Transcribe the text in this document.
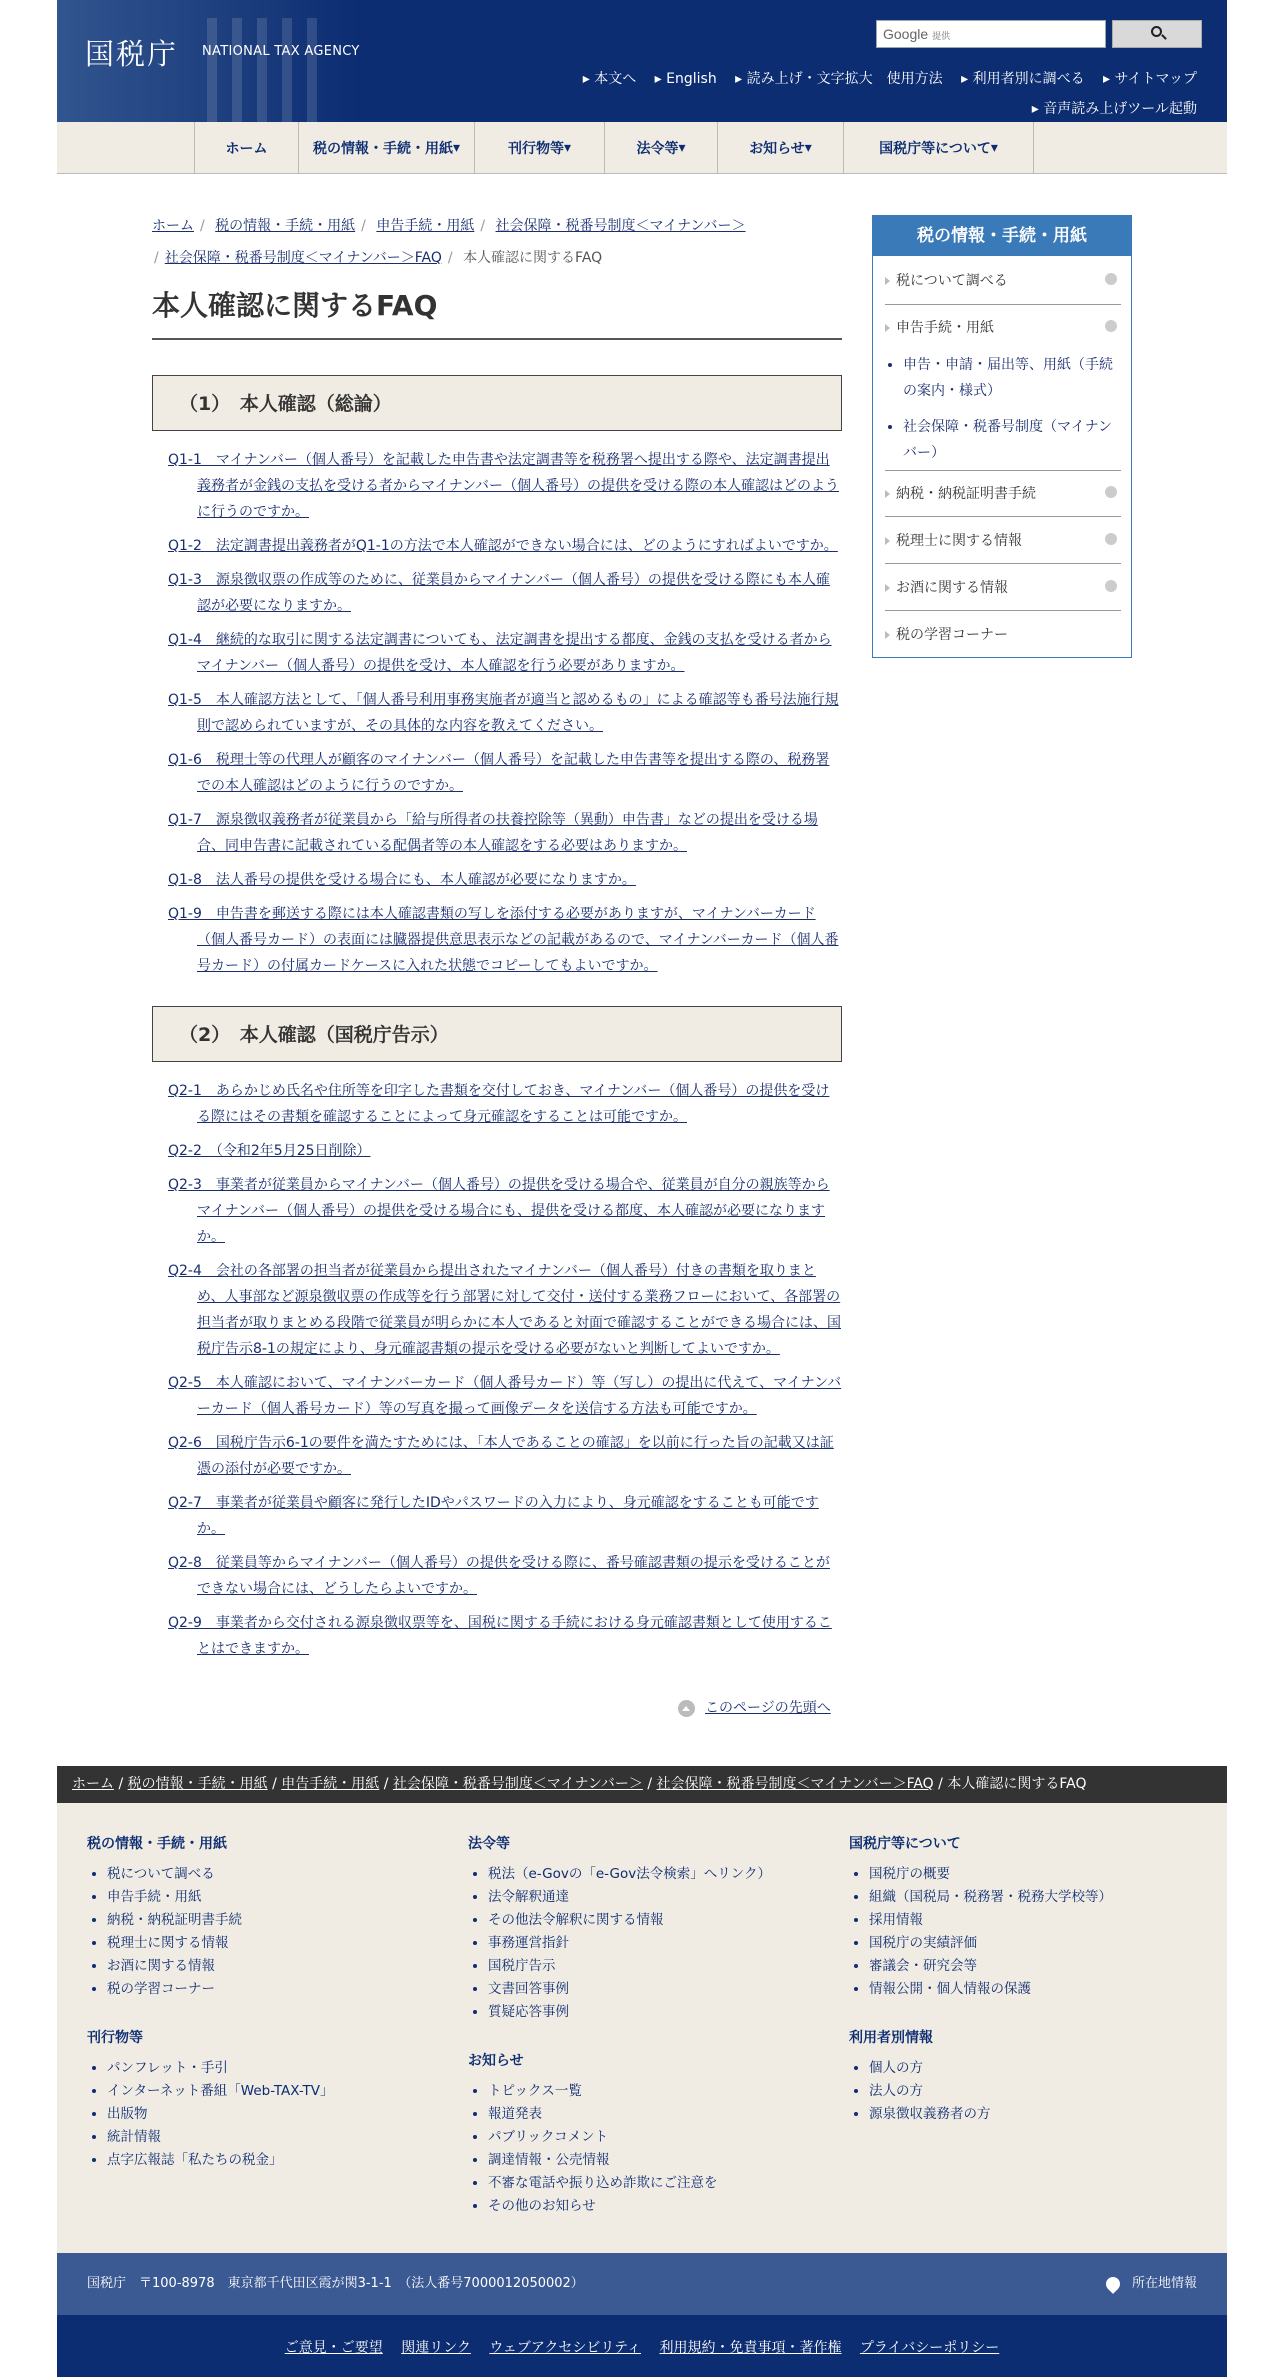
国税庁 NATIONAL TAX AGENCY
Google 提供
▸ 本文へ ▸ English ▸ 読み上げ・文字拡大　使用方法 ▸ 利用者別に調べる ▸ サイトマップ
▸ 音声読み上げツール起動
ホーム	税の情報・手続・用紙 ▾	刊行物等 ▾	法令等 ▾	お知らせ ▾	国税庁等について ▾
ホーム / 税の情報・手続・用紙 / 申告手続・用紙 / 社会保障・税番号制度＜マイナンバー＞
/ 社会保障・税番号制度＜マイナンバー＞FAQ / 本人確認に関するFAQ
本人確認に関するFAQ
（1）　本人確認（総論）
Q1-1　マイナンバー（個人番号）を記載した申告書や法定調書等を税務署へ提出する際や、法定調書提出義務者が金銭の支払を受ける者からマイナンバー（個人番号）の提供を受ける際の本人確認はどのように行うのですか。
Q1-2　法定調書提出義務者がQ1-1の方法で本人確認ができない場合には、どのようにすればよいですか。
Q1-3　源泉徴収票の作成等のために、従業員からマイナンバー（個人番号）の提供を受ける際にも本人確認が必要になりますか。
Q1-4　継続的な取引に関する法定調書についても、法定調書を提出する都度、金銭の支払を受ける者からマイナンバー（個人番号）の提供を受け、本人確認を行う必要がありますか。
Q1-5　本人確認方法として、「個人番号利用事務実施者が適当と認めるもの」による確認等も番号法施行規則で認められていますが、その具体的な内容を教えてください。
Q1-6　税理士等の代理人が顧客のマイナンバー（個人番号）を記載した申告書等を提出する際の、税務署での本人確認はどのように行うのですか。
Q1-7　源泉徴収義務者が従業員から「給与所得者の扶養控除等（異動）申告書」などの提出を受ける場合、同申告書に記載されている配偶者等の本人確認をする必要はありますか。
Q1-8　法人番号の提供を受ける場合にも、本人確認が必要になりますか。
Q1-9　申告書を郵送する際には本人確認書類の写しを添付する必要がありますが、マイナンバーカード（個人番号カード）の表面には臓器提供意思表示などの記載があるので、マイナンバーカード（個人番号カード）の付属カードケースに入れた状態でコピーしてもよいですか。
（2）　本人確認（国税庁告示）
Q2-1　あらかじめ氏名や住所等を印字した書類を交付しておき、マイナンバー（個人番号）の提供を受ける際にはその書類を確認することによって身元確認をすることは可能ですか。
Q2-2　（令和2年5月25日削除）
Q2-3　事業者が従業員からマイナンバー（個人番号）の提供を受ける場合や、従業員が自分の親族等からマイナンバー（個人番号）の提供を受ける場合にも、提供を受ける都度、本人確認が必要になりますか。
Q2-4　会社の各部署の担当者が従業員から提出されたマイナンバー（個人番号）付きの書類を取りまとめ、人事部など源泉徴収票の作成等を行う部署に対して交付・送付する業務フローにおいて、各部署の担当者が取りまとめる段階で従業員が明らかに本人であると対面で確認することができる場合には、国税庁告示8-1の規定により、身元確認書類の提示を受ける必要がないと判断してよいですか。
Q2-5　本人確認において、マイナンバーカード（個人番号カード）等（写し）の提出に代えて、マイナンバーカード（個人番号カード）等の写真を撮って画像データを送信する方法も可能ですか。
Q2-6　国税庁告示6-1の要件を満たすためには、「本人であることの確認」を以前に行った旨の記載又は証憑の添付が必要ですか。
Q2-7　事業者が従業員や顧客に発行したIDやパスワードの入力により、身元確認をすることも可能ですか。
Q2-8　従業員等からマイナンバー（個人番号）の提供を受ける際に、番号確認書類の提示を受けることができない場合には、どうしたらよいですか。
Q2-9　事業者から交付される源泉徴収票等を、国税に関する手続における身元確認書類として使用することはできますか。
このページの先頭へ
税の情報・手続・用紙
税について調べる
申告手続・用紙
• 申告・申請・届出等、用紙（手続の案内・様式）
• 社会保障・税番号制度（マイナンバー）
納税・納税証明書手続
税理士に関する情報
お酒に関する情報
税の学習コーナー
ホーム / 税の情報・手続・用紙 / 申告手続・用紙 / 社会保障・税番号制度＜マイナンバー＞ / 社会保障・税番号制度＜マイナンバー＞FAQ / 本人確認に関するFAQ
税の情報・手続・用紙
• 税について調べる
• 申告手続・用紙
• 納税・納税証明書手続
• 税理士に関する情報
• お酒に関する情報
• 税の学習コーナー
刊行物等
• パンフレット・手引
• インターネット番組「Web-TAX-TV」
• 出版物
• 統計情報
• 点字広報誌「私たちの税金」
法令等
• 税法（e-Govの「e-Gov法令検索」へリンク）
• 法令解釈通達
• その他法令解釈に関する情報
• 事務運営指針
• 国税庁告示
• 文書回答事例
• 質疑応答事例
お知らせ
• トピックス一覧
• 報道発表
• パブリックコメント
• 調達情報・公売情報
• 不審な電話や振り込め詐欺にご注意を
• その他のお知らせ
国税庁等について
• 国税庁の概要
• 組織（国税局・税務署・税務大学校等）
• 採用情報
• 国税庁の実績評価
• 審議会・研究会等
• 情報公開・個人情報の保護
利用者別情報
• 個人の方
• 法人の方
• 源泉徴収義務者の方
国税庁　〒100-8978　東京都千代田区霞が関3-1-1　（法人番号7000012050002）	所在地情報
ご意見・ご要望 関連リンク ウェブアクセシビリティ 利用規約・免責事項・著作権 プライバシーポリシー
